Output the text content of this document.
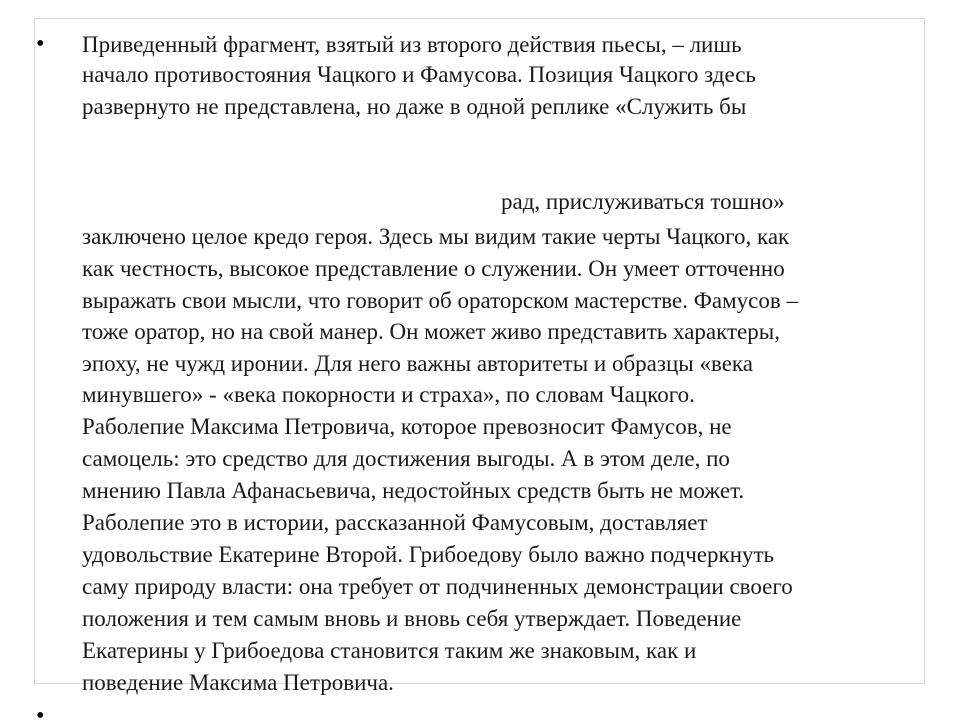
• Приведенный фрагмент, взятый из второго действия пьесы, – лишь
начало противостояния Чацкого и Фамусова. Позиция Чацкого здесь
развернуто не представлена, но даже в одной реплике «Служить бы
рад, прислуживаться тошно»
заключено целое кредо героя. Здесь мы видим такие черты Чацкого, как
как честность, высокое представление о служении. Он умеет отточенно
выражать свои мысли, что говорит об ораторском мастерстве. Фамусов –
тоже оратор, но на свой манер. Он может живо представить характеры,
эпоху, не чужд иронии. Для него важны авторитеты и образцы «века
минувшего» - «века покорности и страха», по словам Чацкого.
Раболепие Максима Петровича, которое превозносит Фамусов, не
самоцель: это средство для достижения выгоды. А в этом деле, по
мнению Павла Афанасьевича, недостойных средств быть не может.
Раболепие это в истории, рассказанной Фамусовым, доставляет
удовольствие Екатерине Второй. Грибоедову было важно подчеркнуть
саму природу власти: она требует от подчиненных демонстрации своего
положения и тем самым вновь и вновь себя утверждает. Поведение
Екатерины у Грибоедова становится таким же знаковым, как и
поведение Максима Петровича.
•
